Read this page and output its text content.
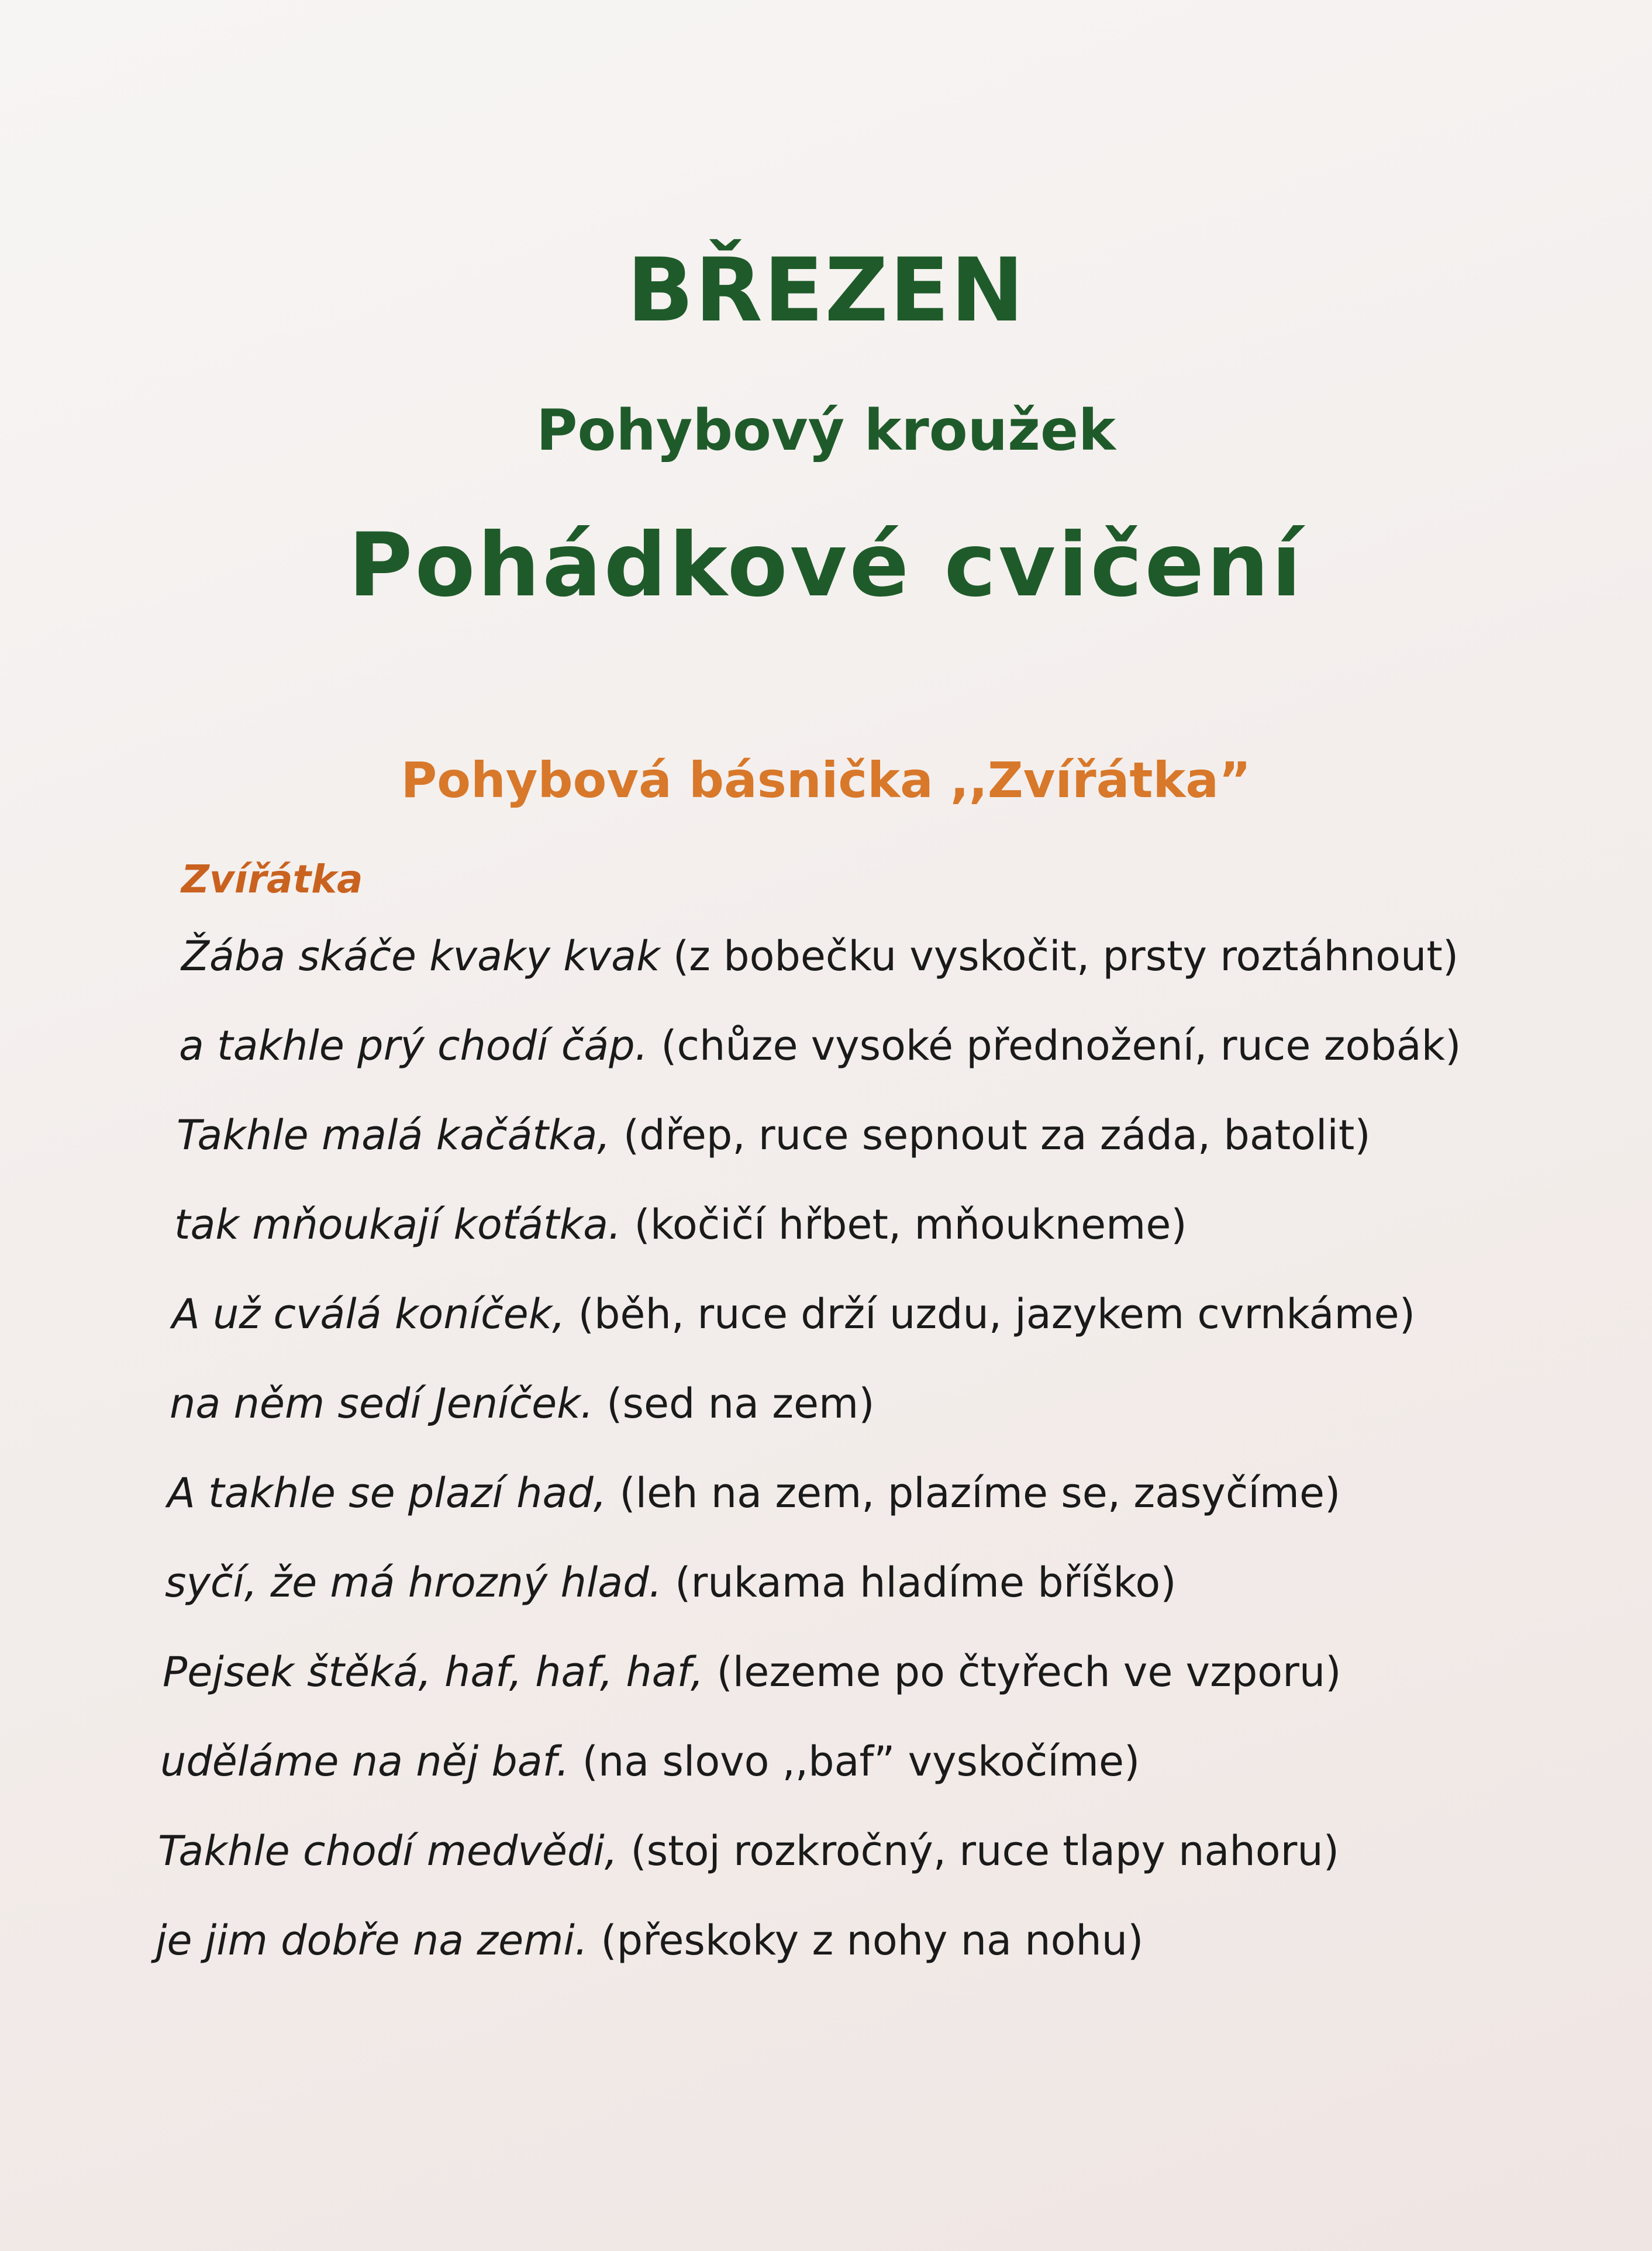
BŘEZEN
Pohybový kroužek
Pohádkové cvičení
Pohybová básnička ,,Zvířátka”
Zvířátka
Žába skáče kvaky kvak (z bobečku vyskočit, prsty roztáhnout)
a takhle prý chodí čáp. (chůze vysoké přednožení, ruce zobák)
Takhle malá kačátka, (dřep, ruce sepnout za záda, batolit)
tak mňoukají koťátka. (kočičí hřbet, mňoukneme)
A už cválá koníček, (běh, ruce drží uzdu, jazykem cvrnkáme)
na něm sedí Jeníček. (sed na zem)
A takhle se plazí had, (leh na zem, plazíme se, zasyčíme)
syčí, že má hrozný hlad. (rukama hladíme bříško)
Pejsek štěká, haf, haf, haf, (lezeme po čtyřech ve vzporu)
uděláme na něj baf. (na slovo ,,baf” vyskočíme)
Takhle chodí medvědi, (stoj rozkročný, ruce tlapy nahoru)
je jim dobře na zemi. (přeskoky z nohy na nohu)
